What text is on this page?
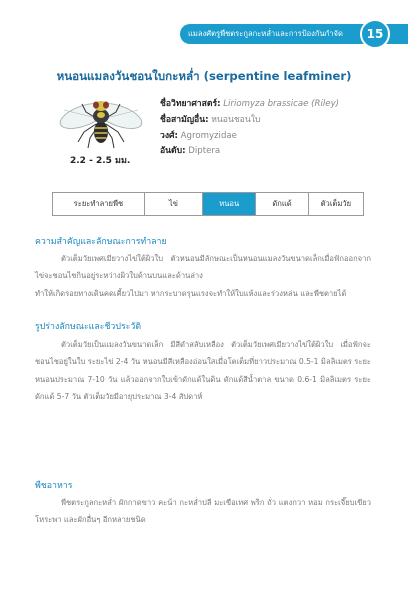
แมลงศัตรูพืชตระกูลกะหล่ำและการป้องกันกำจัด	15
หนอนแมลงวันชอนใบกะหล่ำ (serpentine leafminer)
2.2 - 2.5 มม.
ชื่อวิทยาศาสตร์: Liriomyza brassicae (Riley)
ชื่อสามัญอื่น: หนอนชอนใบ
วงศ์: Agromyzidae
อันดับ: Diptera
ระยะทำลายพืช	ไข่	หนอน	ดักแด้	ตัวเต็มวัย
ความสำคัญและลักษณะการทำลาย

ตัวเต็มวัยเพศเมียวางไข่ใต้ผิวใบ ตัวหนอนมีลักษณะเป็นหนอนแมลงวันขนาดเล็กเมื่อฟักออกจากไข่จะชอนไชกินอยู่ระหว่างผิวใบด้านบนและด้านล่าง

ทำให้เกิดรอยทางเดินคดเคี้ยวไปมา หากระบาดรุนแรงจะทำให้ใบแห้งและร่วงหล่น และพืชตายได้

รูปร่างลักษณะและชีวประวัติ

ตัวเต็มวัยเป็นแมลงวันขนาดเล็ก มีสีดำสลับเหลือง ตัวเต็มวัยเพศเมียวางไข่ใต้ผิวใบ เมื่อฟักจะชอนไชอยู่ในใบ ระยะไข่ 2-4 วัน หนอนมีสีเหลืองอ่อนใสเมื่อโตเต็มที่ยาวประมาณ 0.5-1 มิลลิเมตร ระยะหนอนประมาณ 7-10 วัน แล้วออกจากใบเข้าดักแด้ในดิน ดักแด้สีน้ำตาล ขนาด 0.6-1 มิลลิเมตร ระยะดักแด้ 5-7 วัน ตัวเต็มวัยมีอายุประมาณ 3-4 สัปดาห์

พืชอาหาร

พืชตระกูลกะหล่ำ ผักกาดขาว คะน้า กะหล่ำปลี มะเขือเทศ พริก ถั่ว แตงกวา หอม กระเจี๊ยบเขียว โหระพา และผักอื่นๆ อีกหลายชนิด
